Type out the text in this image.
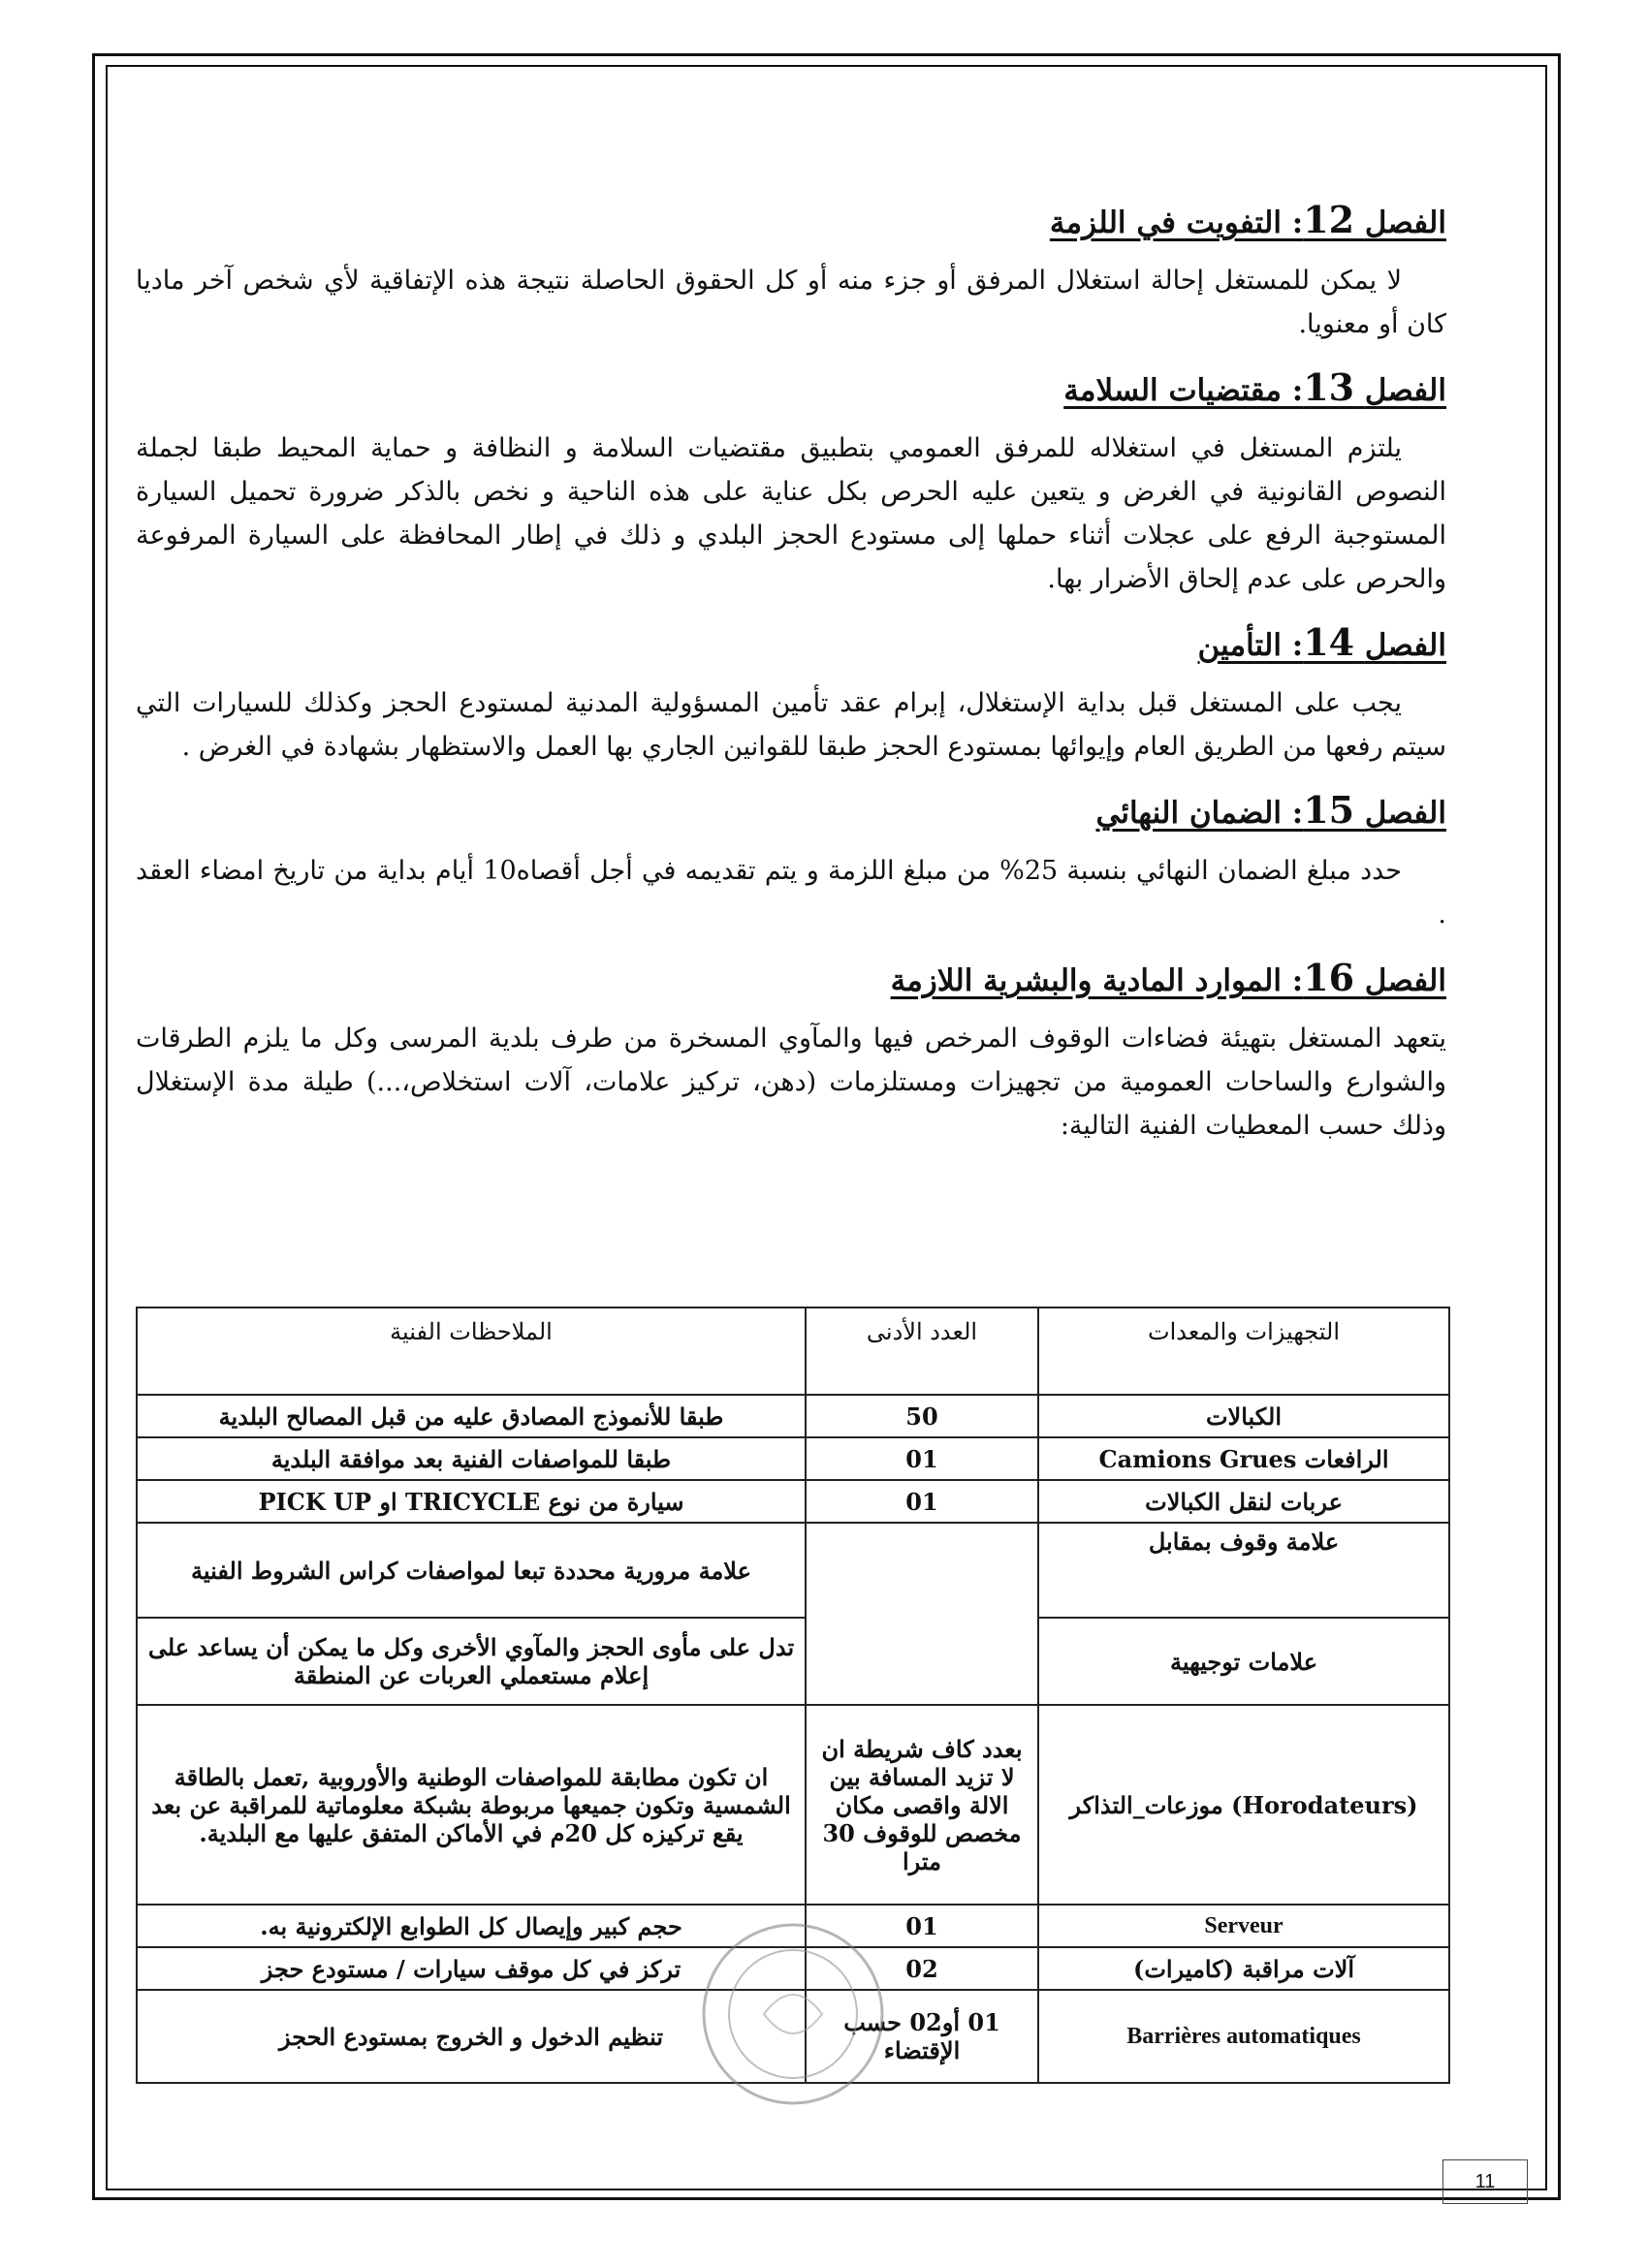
الفصل 12: التفويت في اللزمة

لا يمكن للمستغل إحالة استغلال المرفق أو جزء منه أو كل الحقوق الحاصلة نتيجة هذه الإتفاقية لأي شخص آخر ماديا كان أو معنويا.

الفصل 13: مقتضيات السلامة

يلتزم المستغل في استغلاله للمرفق العمومي بتطبيق مقتضيات السلامة و النظافة و حماية المحيط طبقا لجملة النصوص القانونية في الغرض و يتعين عليه الحرص بكل عناية على هذه الناحية و نخص بالذكر ضرورة تحميل السيارة المستوجبة الرفع على عجلات أثناء حملها إلى مستودع الحجز البلدي و ذلك في إطار المحافظة على السيارة المرفوعة والحرص على عدم إلحاق الأضرار بها.

الفصل 14: التأمين

يجب على المستغل قبل بداية الإستغلال، إبرام عقد تأمين المسؤولية المدنية لمستودع الحجز وكذلك للسيارات التي سيتم رفعها من الطريق العام وإيوائها بمستودع الحجز طبقا للقوانين الجاري بها العمل والاستظهار بشهادة في الغرض .

الفصل 15: الضمان النهائي

حدد مبلغ الضمان النهائي بنسبة 25% من مبلغ اللزمة و يتم تقديمه في أجل أقصاه10 أيام بداية من تاريخ امضاء العقد .

الفصل 16: الموارد المادية والبشرية اللازمة

يتعهد المستغل بتهيئة فضاءات الوقوف المرخص فيها والمآوي المسخرة من طرف بلدية المرسى وكل ما يلزم الطرقات والشوارع والساحات العمومية من تجهيزات ومستلزمات (دهن، تركيز علامات، آلات استخلاص،...) طيلة مدة الإستغلال وذلك حسب المعطيات الفنية التالية:

التجهيزات والمعدات	العدد الأدنى	الملاحظات الفنية
الكبالات	50	طبقا للأنموذج المصادق عليه من قبل المصالح البلدية
الرافعات Camions Grues	01	طبقا للمواصفات الفنية بعد موافقة البلدية
عربات لنقل الكبالات	01	سيارة من نوع TRICYCLE او PICK UP
علامة وقوف بمقابل		علامة مرورية محددة تبعا لمواصفات كراس الشروط الفنية
علامات توجيهية		تدل على مأوى الحجز والمآوي الأخرى وكل ما يمكن أن يساعد على إعلام مستعملي العربات عن المنطقة
(Horodateurs) موزعات_التذاكر	بعدد كاف شريطة ان لا تزيد المسافة بين الالة واقصى مكان مخصص للوقوف 30 مترا	ان تكون مطابقة للمواصفات الوطنية والأوروبية ,تعمل بالطاقة الشمسية وتكون جميعها مربوطة بشبكة معلوماتية للمراقبة عن بعد يقع تركيزه كل 20م في الأماكن المتفق عليها مع البلدية.
Serveur	01	حجم كبير وإيصال كل الطوابع الإلكترونية به.
آلات مراقبة (كاميرات)	02	تركز في كل موقف سيارات / مستودع حجز
Barrières automatiques	01 أو02 حسب الإقتضاء	تنظيم الدخول و الخروج بمستودع الحجز
11
